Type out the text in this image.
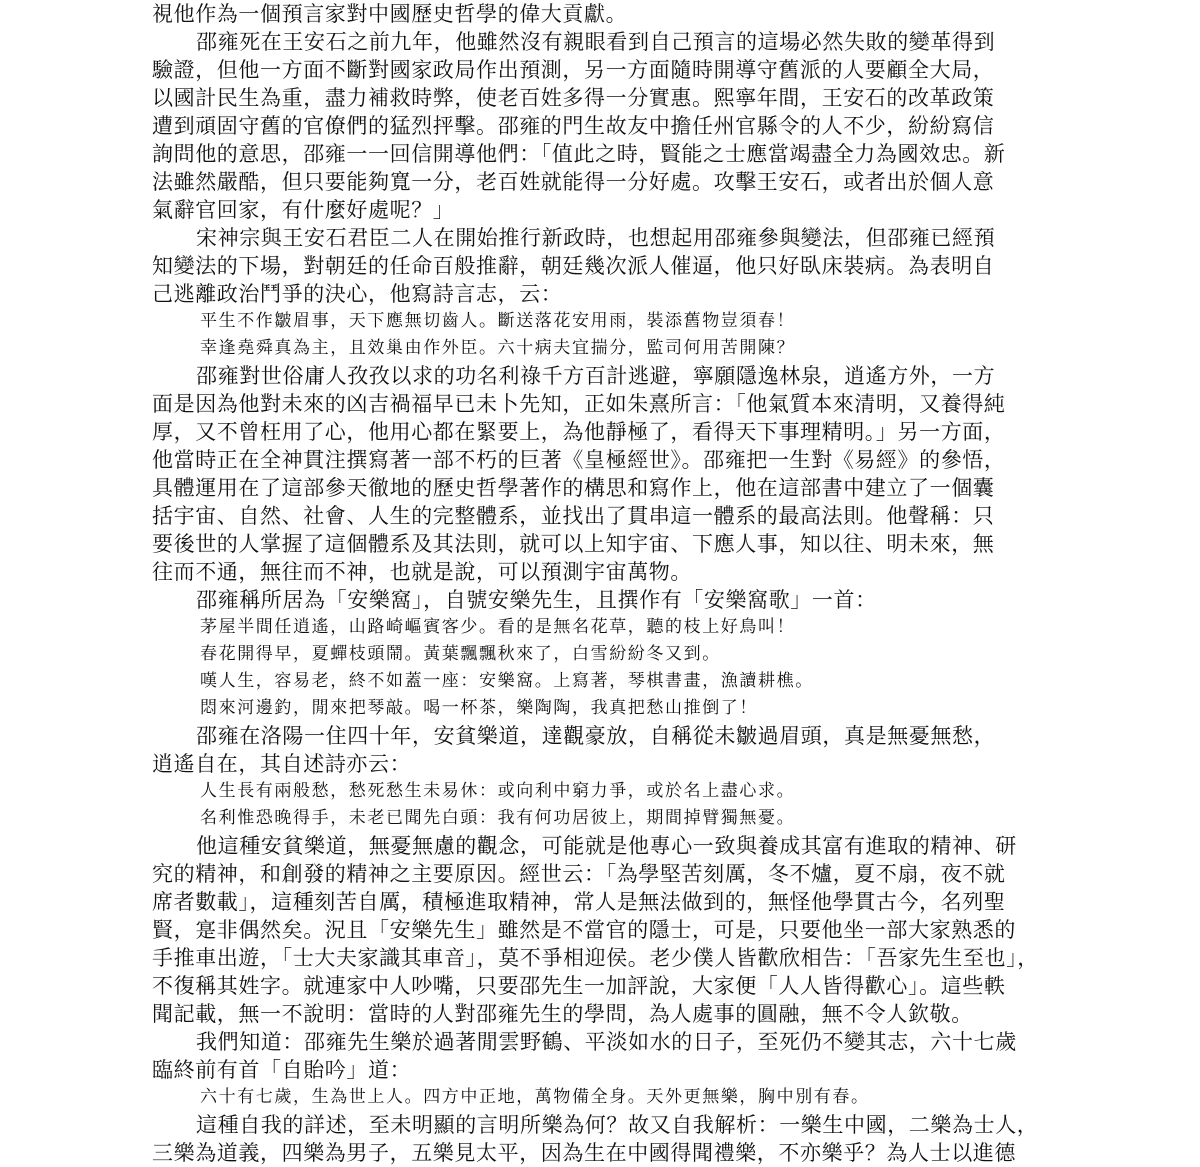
視他作為一個預言家對中國歷史哲學的偉大貢獻。
邵雍死在王安石之前九年，他雖然沒有親眼看到自己預言的這場必然失敗的變革得到
驗證，但他一方面不斷對國家政局作出預測，另一方面隨時開導守舊派的人要顧全大局，
以國計民生為重，盡力補救時弊，使老百姓多得一分實惠。熙寧年間，王安石的改革政策
遭到頑固守舊的官僚們的猛烈抨擊。邵雍的門生故友中擔任州官縣令的人不少，紛紛寫信
詢問他的意思，邵雍一一回信開導他們：「值此之時，賢能之士應當竭盡全力為國效忠。新
法雖然嚴酷，但只要能夠寬一分，老百姓就能得一分好處。攻擊王安石，或者出於個人意
氣辭官回家，有什麼好處呢？」
宋神宗與王安石君臣二人在開始推行新政時，也想起用邵雍參與變法，但邵雍已經預
知變法的下場，對朝廷的任命百般推辭，朝廷幾次派人催逼，他只好臥床裝病。為表明自
己逃離政治鬥爭的決心，他寫詩言志，云：
平生不作皺眉事，天下應無切齒人。斷送落花安用雨，裝添舊物豈須春！
幸逢堯舜真為主，且效巢由作外臣。六十病夫宜揣分，監司何用苦開陳？
邵雍對世俗庸人孜孜以求的功名利祿千方百計逃避，寧願隱逸林泉，逍遙方外，一方
面是因為他對未來的凶吉禍福早已未卜先知，正如朱熹所言：「他氣質本來清明，又養得純
厚，又不曾枉用了心，他用心都在緊要上，為他靜極了，看得天下事理精明。」另一方面，
他當時正在全神貫注撰寫著一部不朽的巨著《皇極經世》。邵雍把一生對《易經》的參悟，
具體運用在了這部參天徹地的歷史哲學著作的構思和寫作上，他在這部書中建立了一個囊
括宇宙、自然、社會、人生的完整體系，並找出了貫串這一體系的最高法則。他聲稱：只
要後世的人掌握了這個體系及其法則，就可以上知宇宙、下應人事，知以往、明未來，無
往而不通，無往而不神，也就是說，可以預測宇宙萬物。
邵雍稱所居為「安樂窩」，自號安樂先生，且撰作有「安樂窩歌」一首：
茅屋半間任逍遙，山路崎嶇賓客少。看的是無名花草，聽的枝上好鳥叫！
春花開得早，夏蟬枝頭鬧。黃葉飄飄秋來了，白雪紛紛冬又到。
嘆人生，容易老，終不如蓋一座：安樂窩。上寫著，琴棋書畫，漁讀耕樵。
悶來河邊釣，閒來把琴敲。喝一杯茶，樂陶陶，我真把愁山推倒了！
邵雍在洛陽一住四十年，安貧樂道，達觀豪放，自稱從未皺過眉頭，真是無憂無愁，
逍遙自在，其自述詩亦云：
人生長有兩般愁，愁死愁生未易休：或向利中窮力爭，或於名上盡心求。
名利惟恐晚得手，未老已聞先白頭：我有何功居彼上，期間掉臂獨無憂。
他這種安貧樂道，無憂無慮的觀念，可能就是他專心一致與養成其富有進取的精神、研
究的精神，和創發的精神之主要原因。經世云：「為學堅苦刻厲，冬不爐，夏不扇，夜不就
席者數載」，這種刻苦自厲，積極進取精神，常人是無法做到的，無怪他學貫古今，名列聖
賢，寔非偶然矣。況且「安樂先生」雖然是不當官的隱士，可是，只要他坐一部大家熟悉的
手推車出遊，「士大夫家識其車音」，莫不爭相迎侯。老少僕人皆歡欣相告：「吾家先生至也」，
不復稱其姓字。就連家中人吵嘴，只要邵先生一加評說，大家便「人人皆得歡心」。這些軼
聞記載，無一不說明：當時的人對邵雍先生的學問，為人處事的圓融，無不令人欽敬。
我們知道：邵雍先生樂於過著閒雲野鶴、平淡如水的日子，至死仍不變其志，六十七歲
臨終前有首「自貽吟」道：
六十有七歲，生為世上人。四方中正地，萬物備全身。天外更無樂，胸中別有春。
這種自我的詳述，至未明顯的言明所樂為何？故又自我解析：一樂生中國，二樂為士人，
三樂為道義，四樂為男子，五樂見太平，因為生在中國得聞禮樂，不亦樂乎？為人士以進德
